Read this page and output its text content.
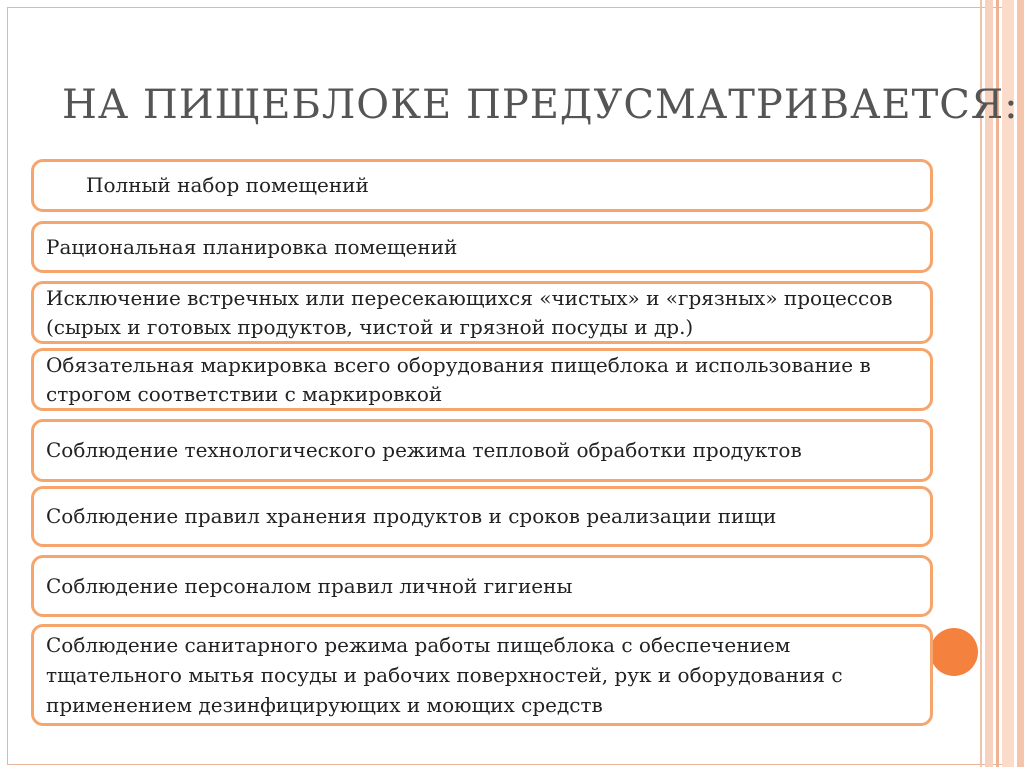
НА ПИЩЕБЛОКЕ ПРЕДУСМАТРИВАЕТСЯ:
Полный набор помещений
Рациональная планировка помещений
Исключение встречных или пересекающихся «чистых» и «грязных» процессов (сырых и готовых продуктов, чистой и грязной посуды и др.)
Обязательная маркировка всего оборудования пищеблока и использование в строгом соответствии с маркировкой
Соблюдение технологического режима тепловой обработки продуктов
Соблюдение правил хранения продуктов и сроков реализации пищи
Соблюдение персоналом правил личной гигиены
Соблюдение санитарного режима работы пищеблока с обеспечением тщательного мытья посуды и рабочих поверхностей, рук и оборудования с применением дезинфицирующих и моющих средств
